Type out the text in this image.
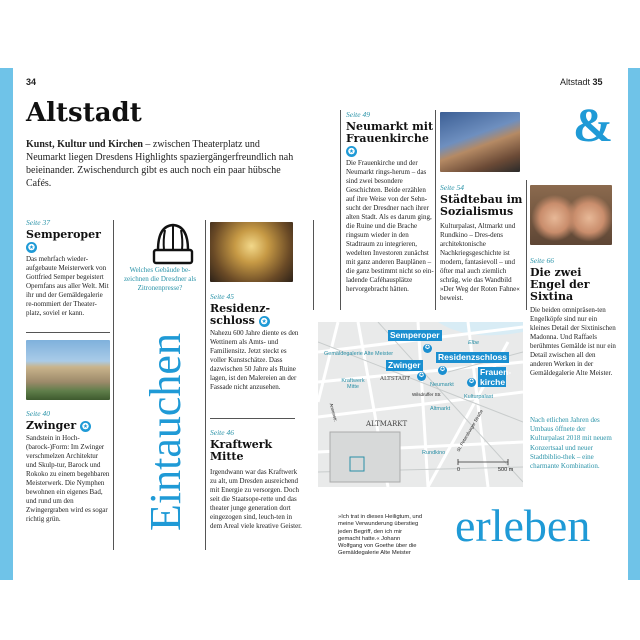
34	Altstadt 35
Altstadt
Kunst, Kultur und Kirchen – zwischen Theaterplatz und Neumarkt liegen Dresdens Highlights spaziergängerfreundlich nah beieinander. Zwischendurch gibt es auch noch ein paar hübsche Cafés.
Seite 37
Semperoper ✪
Das mehrfach wieder-aufgebaute Meisterwerk von Gottfried Semper begeistert Opernfans aus aller Welt. Mit ihr und der Gemäldegalerie re-nommiert der Theater-platz, soviel er kann.
Seite 40
Zwinger ✪
Sandstein in Hoch-(barock-)Form: Im Zwinger verschmelzen Architektur und Skulp-tur, Barock und Rokoko zu einem begehbaren Meisterwerk. Die Nymphen bewohnen ein eigenes Bad, und rund um den Zwingergraben wird es sogar richtig grün.
Welches Gebäude be-zeichnen die Dresdner als Zitronenpresse?
Eintauchen
Seite 45
Residenz-schloss ✪
Nahezu 600 Jahre diente es den Wettinern als Amts- und Familiensitz. Jetzt steckt es voller Kunstschätze. Dass dazwischen 50 Jahre als Ruine lagen, ist den Malereien an der Fassade nicht anzusehen.
Seite 46
Kraftwerk Mitte
Irgendwann war das Kraftwerk zu alt, um Dresden ausreichend mit Energie zu versorgen. Doch seit die Staatsope-rette und das theater junge generation dort eingezogen sind, leuch-ten in dem Areal viele kreative Geister.
Seite 49
Neumarkt mit Frauenkirche ✪
Die Frauenkirche und der Neumarkt rings-herum – das sind zwei besondere Geschichten. Beide erzählen auf ihre Weise von der Sehn-sucht der Dresdner nach ihrer alten Stadt. Als es darum ging, die Ruine und die Brache ringsum wieder in den Stadtraum zu integrieren, wedelten Investoren zunächst mit ganz anderen Bauplänen – die ganz bestimmt nicht so ein-ladende Caféhausplätze hervorgebracht hätten.
Seite 54
Städtebau im Sozialismus
Kulturpalast, Altmarkt und Rundkino – Dres-dens architektonische Nachkriegsgeschichte ist modern, fantasievoll – und öfter mal auch ziemlich schräg, wie das Wandbild »Der Weg der Roten Fahne« beweist.
&
Seite 66
Die zwei Engel der Sixtina
Die beiden omnipräsen-ten Engelköpfe sind nur ein kleines Detail der Sixtinischen Madonna. Und Raffaels berühmtes Gemälde ist nur ein Detail zwischen all den anderen Werken in der Gemäldegalerie Alte Meister.
Nach etlichen Jahren des Umbaus öffnete der Kulturpalast 2018 mit neuem Konzertsaal und neuer Stadtbiblio-thek – eine charmante Kombination.
Semperoper
Zwinger
Residenzschloss
Frauen-kirche
✪
✪
✪
✪
Gemäldegalerie Alte Meister
Kraftwerk Mitte
ALTSTADT
Elbe
Neumarkt
Wilsdruffer Str.	Kulturpalast
Altmarkt
ALTMARKT
Annenstr.	St. Petersburger Straße
Rundkino
0	500 m
»Ich trat in dieses Heiligtum, und meine Verwunderung überstieg jeden Begriff, den ich mir gemacht hatte.« Johann Wolfgang von Goethe über die Gemäldegalerie Alte Meister
erleben
